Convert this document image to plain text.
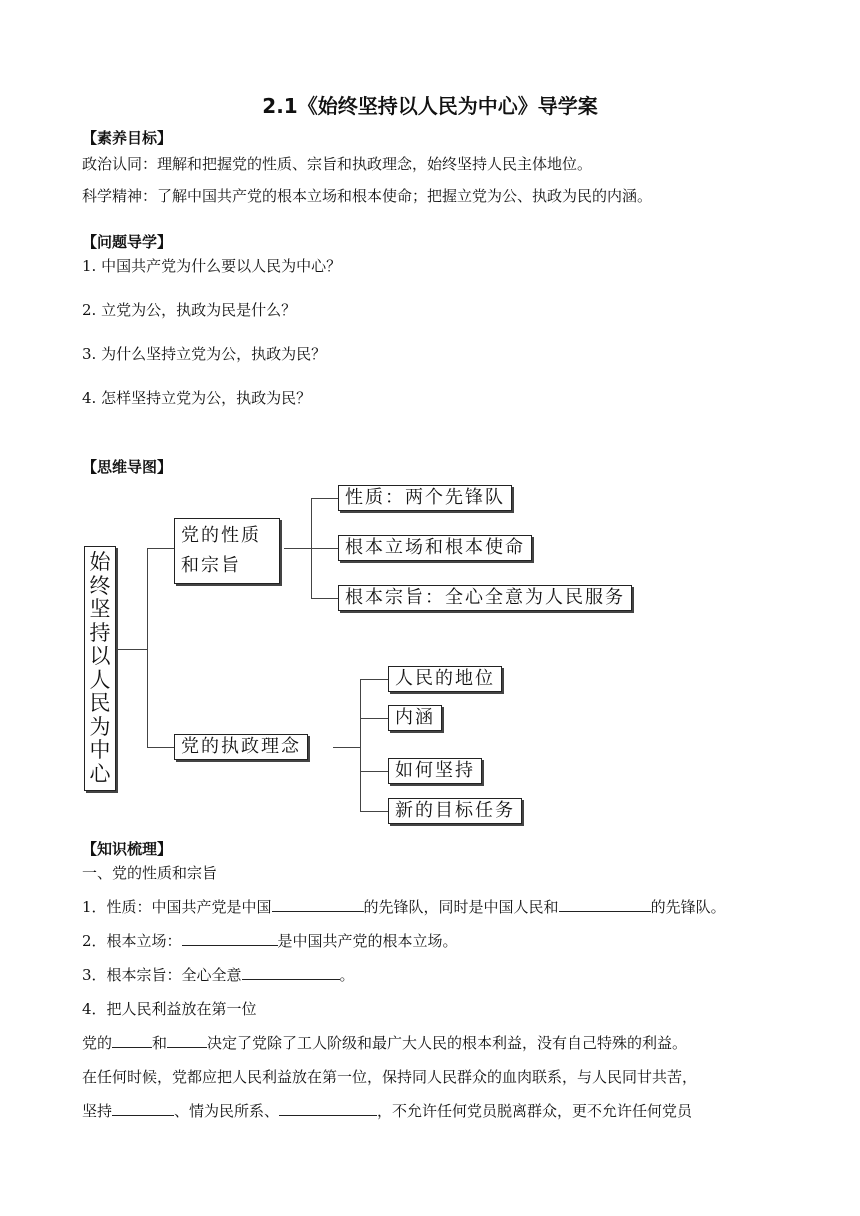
2.1《始终坚持以人民为中心》导学案
【素养目标】
政治认同：理解和把握党的性质、宗旨和执政理念，始终坚持人民主体地位。
科学精神：了解中国共产党的根本立场和根本使命；把握立党为公、执政为民的内涵。
【问题导学】
1. 中国共产党为什么要以人民为中心？
2. 立党为公，执政为民是什么？
3. 为什么坚持立党为公，执政为民？
4. 怎样坚持立党为公，执政为民？
【思维导图】
始终坚持以人民为中心
党的性质和宗旨
党的执政理念
性质：两个先锋队
根本立场和根本使命
根本宗旨：全心全意为人民服务
人民的地位
内涵
如何坚持
新的目标任务
【知识梳理】
一、党的性质和宗旨
1．性质：中国共产党是中国	的先锋队，同时是中国人民和	的先锋队。
2．根本立场：	是中国共产党的根本立场。
3．根本宗旨：全心全意	。
4．把人民利益放在第一位
党的	和	决定了党除了工人阶级和最广大人民的根本利益，没有自己特殊的利益。
在任何时候，党都应把人民利益放在第一位，保持同人民群众的血肉联系，与人民同甘共苦，
坚持	、情为民所系、	，不允许任何党员脱离群众，更不允许任何党员
